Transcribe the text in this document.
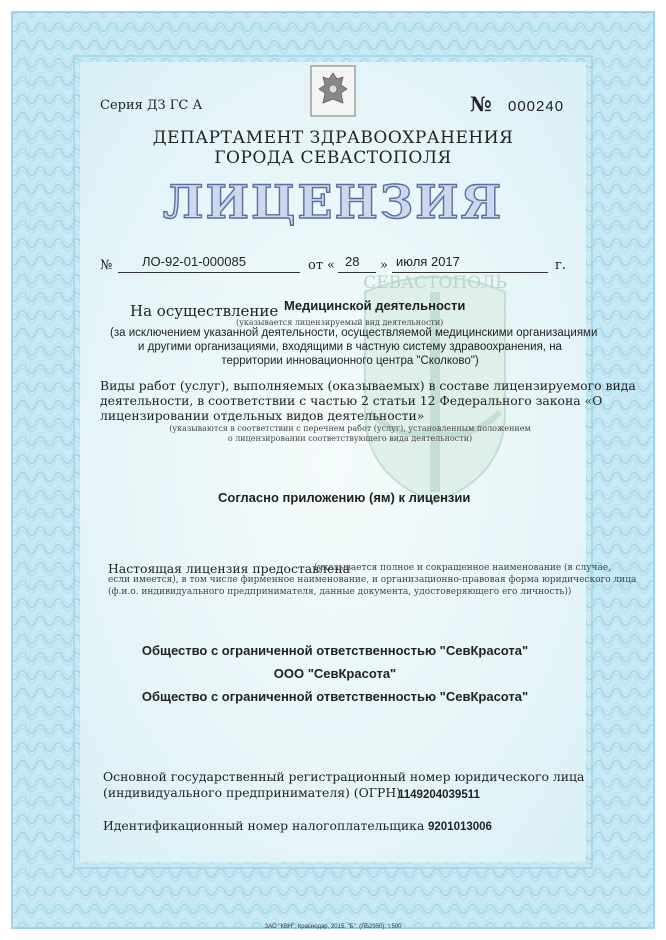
СЕВАСТОПОЛЬ
Серия ДЗ ГС А	№ 000240
ДЕПАРТАМЕНТ ЗДРАВООХРАНЕНИЯ
ГОРОДА СЕВАСТОПОЛЯ
ЛИЦЕНЗИЯ
№ ЛО-92-01-000085	от « 28 » июля 2017	г.
На осуществление Медицинской деятельности
(указывается лицензируемый вид деятельности)
(за исключением указанной деятельности, осуществляемой медицинскими организациями
и другими организациями, входящими в частную систему здравоохранения, на
территории инновационного центра "Сколково")
Виды работ (услуг), выполняемых (оказываемых) в составе лицензируемого вида
деятельности, в соответствии с частью 2 статьи 12 Федерального закона «О
лицензировании отдельных видов деятельности»
(указываются в соответствии с перечнем работ (услуг), установленным положением
о лицензировании соответствующего вида деятельности)
Согласно приложению (ям) к лицензии
Настоящая лицензия предоставлена
(указывается полное и сокращенное наименование (в случае,
если имеется), в том числе фирменное наименование, и организационно-правовая форма юридического лица
(ф.и.о. индивидуального предпринимателя, данные документа, удостоверяющего его личность))
Общество с ограниченной ответственностью "СевКрасота"
ООО "СевКрасота"
Общество с ограниченной ответственностью "СевКрасота"
Основной государственный регистрационный номер юридического лица
(индивидуального предпринимателя) (ОГРН)
1149204039511
Идентификационный номер налогоплательщика 9201013006
ЗАО "КВН", Краснодар, 2015, "Б", (ЛБ2950), т.500
